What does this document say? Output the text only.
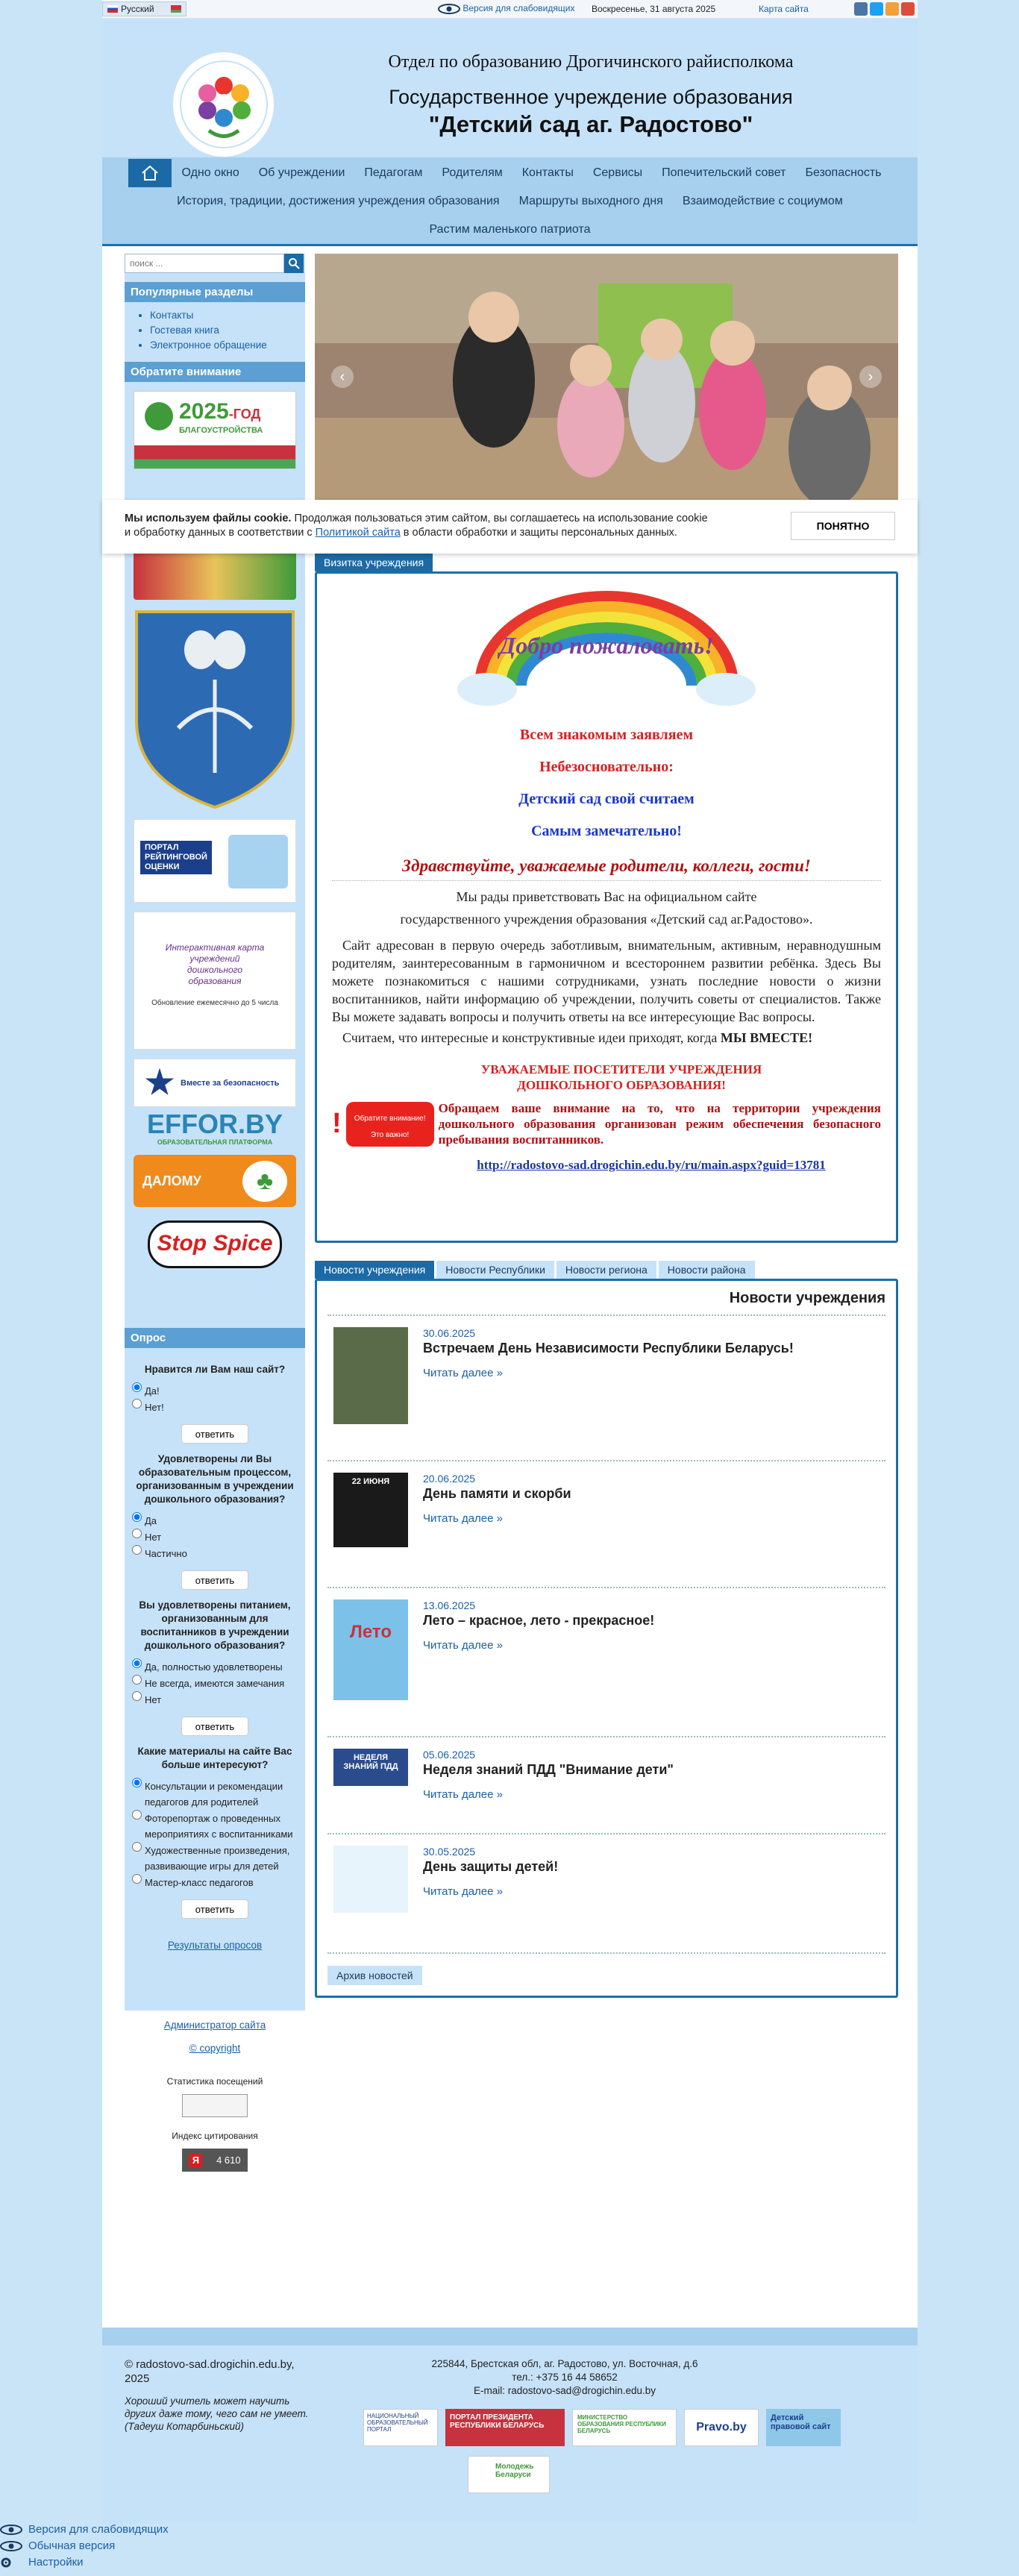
Русский	Версия для слабовидящих Воскресенье, 31 августа 2025	Карта сайта
Отдел по образованию Дрогичинского райисполкома
Государственное учреждение образования
"Детский сад аг. Радостово"
Одно окно	Об учреждении	Педагогам	Родителям	Контакты	Сервисы	Попечительский совет	Безопасность
История, традиции, достижения учреждения образования	Маршруты выходного дня	Взаимодействие с социумом
Растим маленького патриота
поиск ...
Популярные разделы
• Контакты
• Гостевая книга
• Электронное обращение
Обратите внимание
2025-ГОД
БЛАГОУСТРОЙСТВА
ПОРТАЛ
РЕЙТИНГОВОЙ
ОЦЕНКИ
Интерактивная карта учреждений дошкольного образования
Обновление ежемесячно до 5 числа
Вместе за безопасность
EFFOR.BY
ОБРАЗОВАТЕЛЬНАЯ ПЛАТФОРМА
ДАЛОМУ	♣
Stop Spice
Опрос
Нравится ли Вам наш сайт?
Да!
Нет!
ответить
Удовлетворены ли Вы образовательным процессом, организованным в учреждении дошкольного образования?
Да
Нет
Частично
ответить
Вы удовлетворены питанием, организованным для воспитанников в учреждении дошкольного образования?
Да, полностью удовлетворены
Не всегда, имеются замечания
Нет
ответить
Какие материалы на сайте Вас больше интересуют?
Консультации и рекомендации педагогов для родителей
Фоторепортаж о проведенных мероприятиях с воспитанниками
Художественные произведения, развивающие игры для детей
Мастер-класс педагогов
ответить
Результаты опросов
Администратор сайта
© copyright
Статистика посещений
Индекс цитирования
Я	4 610
‹	›
Визитка учреждения
Добро пожаловать!
Всем знакомым заявляем
Небезосновательно:
Детский сад свой считаем
Самым замечательно!
Здравствуйте, уважаемые родители, коллеги, гости!
Мы рады приветствовать Вас на официальном сайте
государственного учреждения образования «Детский сад аг.Радостово».
Сайт адресован в первую очередь заботливым, внимательным, активным, неравнодушным родителям, заинтересованным в гармоничном и всестороннем развитии ребёнка. Здесь Вы можете познакомиться с нашими сотрудниками, узнать последние новости о жизни воспитанников, найти информацию об учреждении, получить советы от специалистов. Также Вы можете задавать вопросы и получить ответы на все интересующие Вас вопросы.
Считаем, что интересные и конструктивные идеи приходят, когда МЫ ВМЕСТЕ!
УВАЖАЕМЫЕ ПОСЕТИТЕЛИ УЧРЕЖДЕНИЯ
ДОШКОЛЬНОГО ОБРАЗОВАНИЯ!
!	Обратите внимание!
Это важно!
Обращаем ваше внимание на то, что на территории учреждения дошкольного образования организован режим обеспечения безопасного пребывания воспитанников.
http://radostovo-sad.drogichin.edu.by/ru/main.aspx?guid=13781
Новости учреждения Новости Республики Новости региона Новости района
Новости учреждения
30.06.2025
Встречаем День Независимости Республики Беларусь!
Читать далее »
22 ИЮНЯ	20.06.2025
День памяти и скорби
Читать далее »
Лето
13.06.2025
Лето – красное, лето - прекрасное!
Читать далее »
НЕДЕЛЯ ЗНАНИЙ ПДД
05.06.2025
Неделя знаний ПДД "Внимание дети"
Читать далее »
30.05.2025
День защиты детей!
Читать далее »
Архив новостей
Мы используем файлы cookie. Продолжая пользоваться этим сайтом, вы соглашаетесь на использование cookie
и обработку данных в соответствии с Политикой сайта в области обработки и защиты персональных данных.
ПОНЯТНО
© radostovo-sad.drogichin.edu.by, 2025
Хороший учитель может научить других даже тому, чего сам не умеет. (Тадеуш Котарбиньский)
225844, Брестская обл, аг. Радостово, ул. Восточная, д.6
тел.: +375 16 44 58652
E-mail: radostovo-sad@drogichin.edu.by
НАЦИОНАЛЬНЫЙ ОБРАЗОВАТЕЛЬНЫЙ ПОРТАЛ
ПОРТАЛ ПРЕЗИДЕНТА РЕСПУБЛИКИ БЕЛАРУСЬ
МИНИСТЕРСТВО ОБРАЗОВАНИЯ РЕСПУБЛИКИ БЕЛАРУСЬ	Pravo.by
Детский правовой сайт
Молодежь Беларуси
Версия для слабовидящих
Обычная версия
Настройки
